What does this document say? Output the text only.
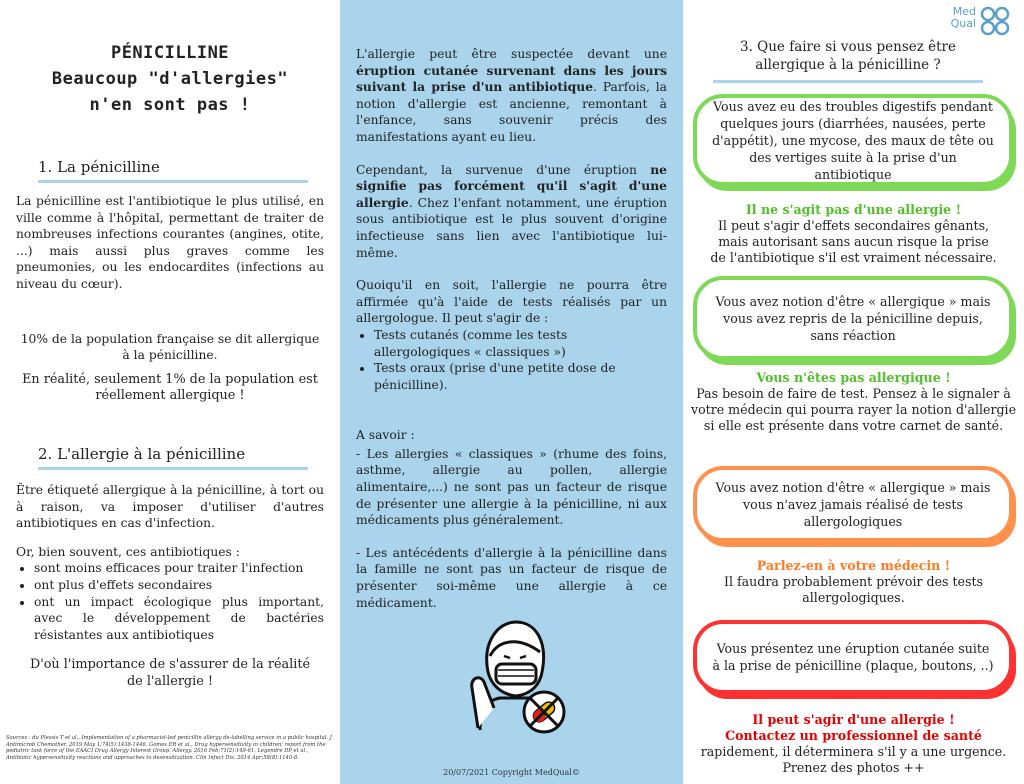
PÉNICILLINE
Beaucoup "d'allergies"
n'en sont pas !
1. La pénicilline

La pénicilline est l'antibiotique le plus utilisé, en ville comme à l'hôpital, permettant de traiter de nombreuses infections courantes (angines, otite, ...) mais aussi plus graves comme les pneumonies, ou les endocardites (infections au niveau du cœur).

10% de la population française se dit allergique à la pénicilline.

En réalité, seulement 1% de la population est réellement allergique !

2. L'allergie à la pénicilline

Être étiqueté allergique à la pénicilline, à tort ou à raison, va imposer d'utiliser d'autres antibiotiques en cas d'infection.

Or, bien souvent, ces antibiotiques :

• sont moins efficaces pour traiter l'infection
• ont plus d'effets secondaires
• ont un impact écologique plus important, avec le développement de bactéries résistantes aux antibiotiques

D'où l'importance de s'assurer de la réalité de l'allergie !

Sources : du Plessis T et al., Implementation of a pharmacist-led penicillin allergy de-labelling service in a public hospital. J Antimicrob Chemother. 2019 May 1;74(5):1438-1446. Gomes ER et al., Drug hypersensitivity in children: report from the pediatric task force of the EAACI Drug Allergy Interest Group. Allergy. 2016 Feb;71(2):149-61. Legendre DP et al., Antibiotic hypersensitivity reactions and approaches to desensitization. Clin Infect Dis. 2014 Apr;58(8):1140-8.

L'allergie peut être suspectée devant une éruption cutanée survenant dans les jours suivant la prise d'un antibiotique. Parfois, la notion d'allergie est ancienne, remontant à l'enfance, sans souvenir précis des manifestations ayant eu lieu.

Cependant, la survenue d'une éruption ne signifie pas forcément qu'il s'agit d'une allergie. Chez l'enfant notamment, une éruption sous antibiotique est le plus souvent d'origine infectieuse sans lien avec l'antibiotique lui-même.

Quoiqu'il en soit, l'allergie ne pourra être affirmée qu'à l'aide de tests réalisés par un allergologue. Il peut s'agir de :

• Tests cutanés (comme les tests allergologiques « classiques »)
• Tests oraux (prise d'une petite dose de pénicilline).

A savoir :

- Les allergies « classiques » (rhume des foins, asthme, allergie au pollen, allergie alimentaire,...) ne sont pas un facteur de risque de présenter une allergie à la pénicilline, ni aux médicaments plus généralement.

- Les antécédents d'allergie à la pénicilline dans la famille ne sont pas un facteur de risque de présenter soi-même une allergie à ce médicament.

20/07/2021 Copyright MedQual©
Med
Qual
3. Que faire si vous pensez être allergique à la pénicilline ?
Vous avez eu des troubles digestifs pendant quelques jours (diarrhées, nausées, perte d'appétit), une mycose, des maux de tête ou des vertiges suite à la prise d'un antibiotique
Il ne s'agit pas d'une allergie !
Il peut s'agir d'effets secondaires gênants, mais autorisant sans aucun risque la prise de l'antibiotique s'il est vraiment nécessaire.
Vous avez notion d'être « allergique » mais vous avez repris de la pénicilline depuis, sans réaction
Vous n'êtes pas allergique !
Pas besoin de faire de test. Pensez à le signaler à votre médecin qui pourra rayer la notion d'allergie si elle est présente dans votre carnet de santé.
Vous avez notion d'être « allergique » mais vous n'avez jamais réalisé de tests allergologiques
Parlez-en à votre médecin !
Il faudra probablement prévoir des tests allergologiques.
Vous présentez une éruption cutanée suite à la prise de pénicilline (plaque, boutons, ..)
Il peut s'agir d'une allergie !
Contactez un professionnel de santé rapidement, il déterminera s'il y a une urgence.
Prenez des photos ++
